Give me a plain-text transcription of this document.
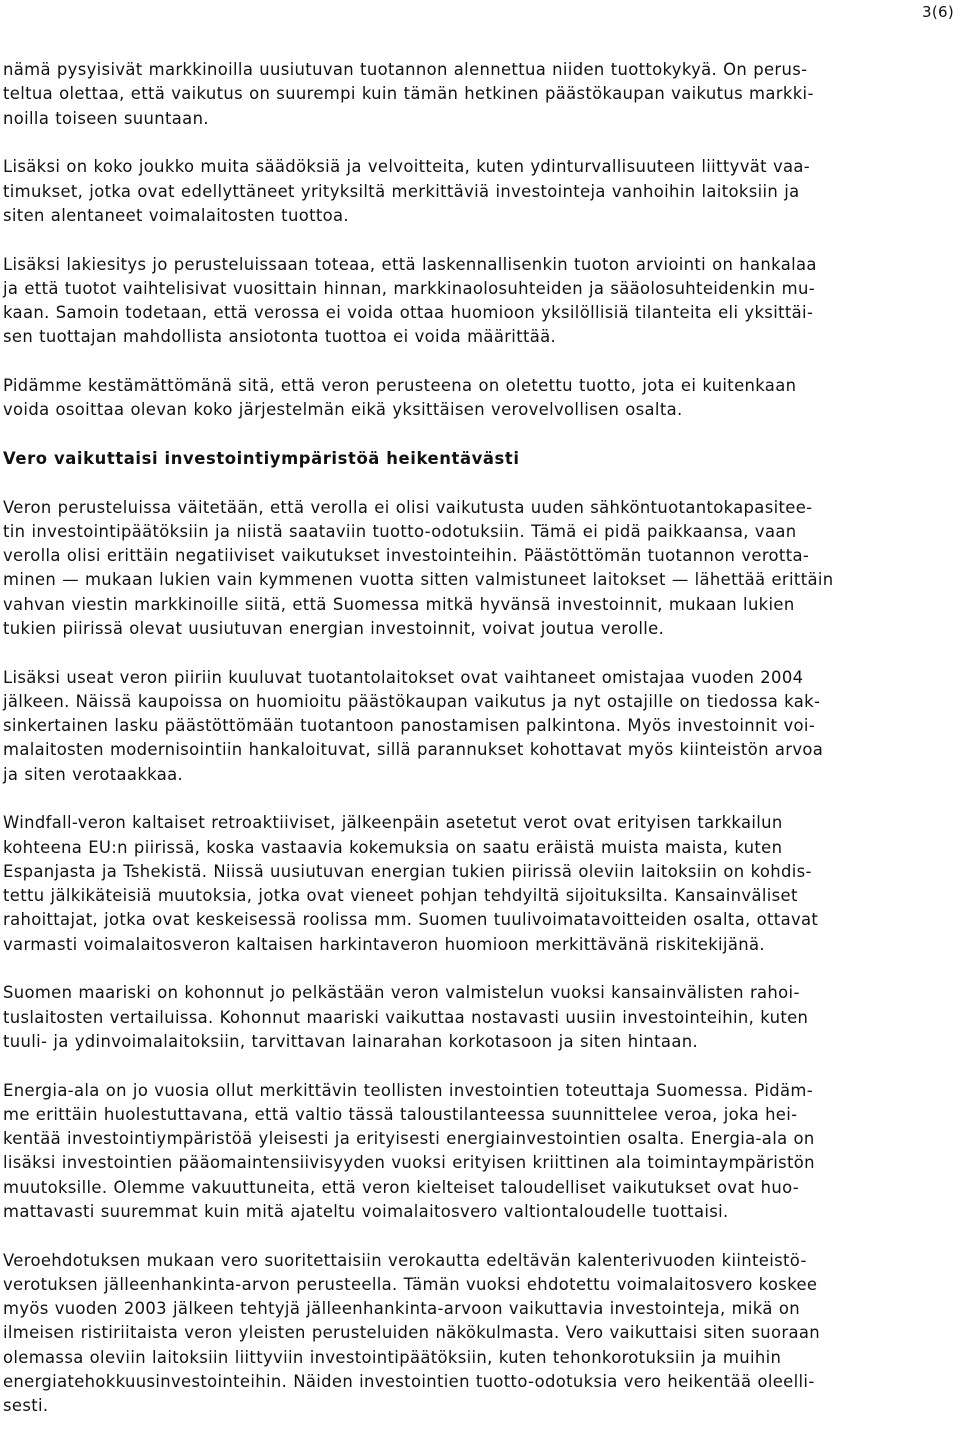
3(6)
nämä pysyisivät markkinoilla uusiutuvan tuotannon alennettua niiden tuottokykyä. On perus-
teltua olettaa, että vaikutus on suurempi kuin tämän hetkinen päästökaupan vaikutus markki-
noilla toiseen suuntaan.
Lisäksi on koko joukko muita säädöksiä ja velvoitteita, kuten ydinturvallisuuteen liittyvät vaa-
timukset, jotka ovat edellyttäneet yrityksiltä merkittäviä investointeja vanhoihin laitoksiin ja
siten alentaneet voimalaitosten tuottoa.
Lisäksi lakiesitys jo perusteluissaan toteaa, että laskennallisenkin tuoton arviointi on hankalaa
ja että tuotot vaihtelisivat vuosittain hinnan, markkinaolosuhteiden ja sääolosuhteidenkin mu-
kaan. Samoin todetaan, että verossa ei voida ottaa huomioon yksilöllisiä tilanteita eli yksittäi-
sen tuottajan mahdollista ansiotonta tuottoa ei voida määrittää.
Pidämme kestämättömänä sitä, että veron perusteena on oletettu tuotto, jota ei kuitenkaan
voida osoittaa olevan koko järjestelmän eikä yksittäisen verovelvollisen osalta.
Vero vaikuttaisi investointiympäristöä heikentävästi
Veron perusteluissa väitetään, että verolla ei olisi vaikutusta uuden sähköntuotantokapasitee-
tin investointipäätöksiin ja niistä saataviin tuotto-odotuksiin. Tämä ei pidä paikkaansa, vaan
verolla olisi erittäin negatiiviset vaikutukset investointeihin. Päästöttömän tuotannon verotta-
minen — mukaan lukien vain kymmenen vuotta sitten valmistuneet laitokset — lähettää erittäin
vahvan viestin markkinoille siitä, että Suomessa mitkä hyvänsä investoinnit, mukaan lukien
tukien piirissä olevat uusiutuvan energian investoinnit, voivat joutua verolle.
Lisäksi useat veron piiriin kuuluvat tuotantolaitokset ovat vaihtaneet omistajaa vuoden 2004
jälkeen. Näissä kaupoissa on huomioitu päästökaupan vaikutus ja nyt ostajille on tiedossa kak-
sinkertainen lasku päästöttömään tuotantoon panostamisen palkintona. Myös investoinnit voi-
malaitosten modernisointiin hankaloituvat, sillä parannukset kohottavat myös kiinteistön arvoa
ja siten verotaakkaa.
Windfall-veron kaltaiset retroaktiiviset, jälkeenpäin asetetut verot ovat erityisen tarkkailun
kohteena EU:n piirissä, koska vastaavia kokemuksia on saatu eräistä muista maista, kuten
Espanjasta ja Tshekistä. Niissä uusiutuvan energian tukien piirissä oleviin laitoksiin on kohdis-
tettu jälkikäteisiä muutoksia, jotka ovat vieneet pohjan tehdyiltä sijoituksilta. Kansainväliset
rahoittajat, jotka ovat keskeisessä roolissa mm. Suomen tuulivoimatavoitteiden osalta, ottavat
varmasti voimalaitosveron kaltaisen harkintaveron huomioon merkittävänä riskitekijänä.
Suomen maariski on kohonnut jo pelkästään veron valmistelun vuoksi kansainvälisten rahoi-
tuslaitosten vertailuissa. Kohonnut maariski vaikuttaa nostavasti uusiin investointeihin, kuten
tuuli- ja ydinvoimalaitoksiin, tarvittavan lainarahan korkotasoon ja siten hintaan.
Energia-ala on jo vuosia ollut merkittävin teollisten investointien toteuttaja Suomessa. Pidäm-
me erittäin huolestuttavana, että valtio tässä taloustilanteessa suunnittelee veroa, joka hei-
kentää investointiympäristöä yleisesti ja erityisesti energiainvestointien osalta. Energia-ala on
lisäksi investointien pääomaintensiivisyyden vuoksi erityisen kriittinen ala toimintaympäristön
muutoksille. Olemme vakuuttuneita, että veron kielteiset taloudelliset vaikutukset ovat huo-
mattavasti suuremmat kuin mitä ajateltu voimalaitosvero valtiontaloudelle tuottaisi.
Veroehdotuksen mukaan vero suoritettaisiin verokautta edeltävän kalenterivuoden kiinteistö-
verotuksen jälleenhankinta-arvon perusteella. Tämän vuoksi ehdotettu voimalaitosvero koskee
myös vuoden 2003 jälkeen tehtyjä jälleenhankinta-arvoon vaikuttavia investointeja, mikä on
ilmeisen ristiriitaista veron yleisten perusteluiden näkökulmasta. Vero vaikuttaisi siten suoraan
olemassa oleviin laitoksiin liittyviin investointipäätöksiin, kuten tehonkorotuksiin ja muihin
energiatehokkuusinvestointeihin. Näiden investointien tuotto-odotuksia vero heikentää oleelli-
sesti.
